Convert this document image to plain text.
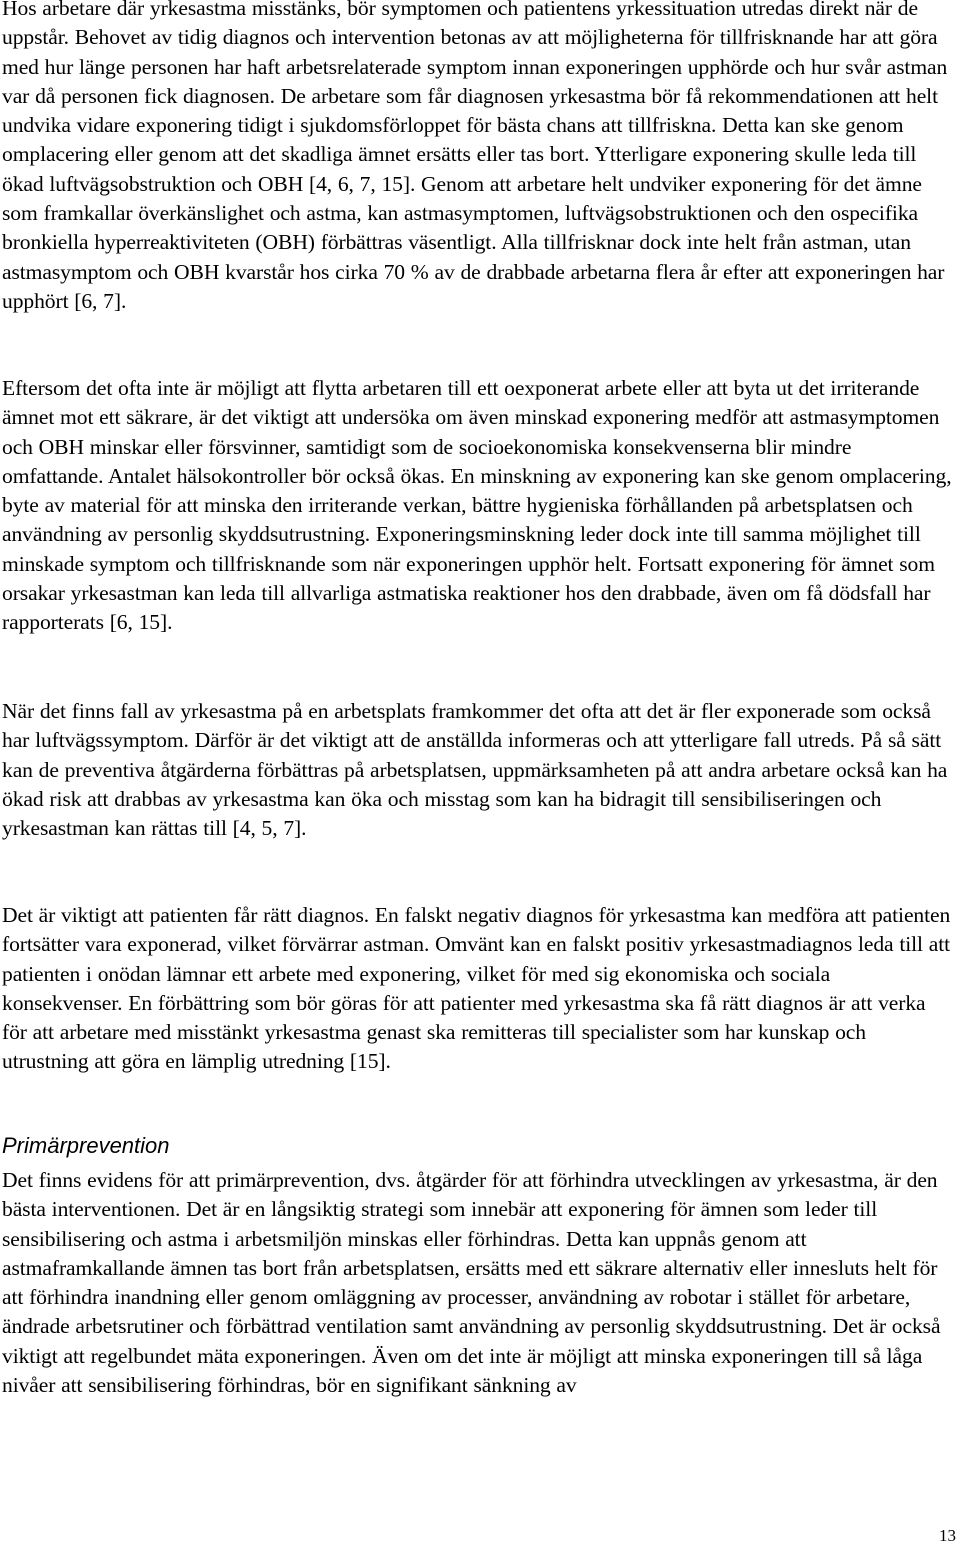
Hos arbetare där yrkesastma misstänks, bör symptomen och patientens yrkessituation utredas direkt när de uppstår. Behovet av tidig diagnos och intervention betonas av att möjligheterna för tillfrisknande har att göra med hur länge personen har haft arbetsrelaterade symptom innan exponeringen upphörde och hur svår astman var då personen fick diagnosen. De arbetare som får diagnosen yrkesastma bör få rekommendationen att helt undvika vidare exponering tidigt i sjukdomsförloppet för bästa chans att tillfriskna. Detta kan ske genom omplacering eller genom att det skadliga ämnet ersätts eller tas bort. Ytterligare exponering skulle leda till ökad luftvägsobstruktion och OBH [4, 6, 7, 15]. Genom att arbetare helt undviker exponering för det ämne som framkallar överkänslighet och astma, kan astmasymptomen, luftvägsobstruktionen och den ospecifika bronkiella hyperreaktiviteten (OBH) förbättras väsentligt. Alla tillfrisknar dock inte helt från astman, utan astmasymptom och OBH kvarstår hos cirka 70 % av de drabbade arbetarna flera år efter att exponeringen har upphört [6, 7].

Eftersom det ofta inte är möjligt att flytta arbetaren till ett oexponerat arbete eller att byta ut det irriterande ämnet mot ett säkrare, är det viktigt att undersöka om även minskad exponering medför att astmasymptomen och OBH minskar eller försvinner, samtidigt som de socioekonomiska konsekvenserna blir mindre omfattande. Antalet hälsokontroller bör också ökas. En minskning av exponering kan ske genom omplacering, byte av material för att minska den irriterande verkan, bättre hygieniska förhållanden på arbetsplatsen och användning av personlig skyddsutrustning. Exponeringsminskning leder dock inte till samma möjlighet till minskade symptom och tillfrisknande som när exponeringen upphör helt. Fortsatt exponering för ämnet som orsakar yrkesastman kan leda till allvarliga astmatiska reaktioner hos den drabbade, även om få dödsfall har rapporterats [6, 15].

När det finns fall av yrkesastma på en arbetsplats framkommer det ofta att det är fler exponerade som också har luftvägssymptom. Därför är det viktigt att de anställda informeras och att ytterligare fall utreds. På så sätt kan de preventiva åtgärderna förbättras på arbetsplatsen, uppmärksamheten på att andra arbetare också kan ha ökad risk att drabbas av yrkesastma kan öka och misstag som kan ha bidragit till sensibiliseringen och yrkesastman kan rättas till [4, 5, 7].

Det är viktigt att patienten får rätt diagnos. En falskt negativ diagnos för yrkesastma kan medföra att patienten fortsätter vara exponerad, vilket förvärrar astman. Omvänt kan en falskt positiv yrkesastmadiagnos leda till att patienten i onödan lämnar ett arbete med exponering, vilket för med sig ekonomiska och sociala konsekvenser. En förbättring som bör göras för att patienter med yrkesastma ska få rätt diagnos är att verka för att arbetare med misstänkt yrkesastma genast ska remitteras till specialister som har kunskap och utrustning att göra en lämplig utredning [15].

Primärprevention

Det finns evidens för att primärprevention, dvs. åtgärder för att förhindra utvecklingen av yrkesastma, är den bästa interventionen. Det är en långsiktig strategi som innebär att exponering för ämnen som leder till sensibilisering och astma i arbetsmiljön minskas eller förhindras. Detta kan uppnås genom att astmaframkallande ämnen tas bort från arbetsplatsen, ersätts med ett säkrare alternativ eller innesluts helt för att förhindra inandning eller genom omläggning av processer, användning av robotar i stället för arbetare, ändrade arbetsrutiner och förbättrad ventilation samt användning av personlig skyddsutrustning. Det är också viktigt att regelbundet mäta exponeringen. Även om det inte är möjligt att minska exponeringen till så låga nivåer att sensibilisering förhindras, bör en signifikant sänkning av

13
